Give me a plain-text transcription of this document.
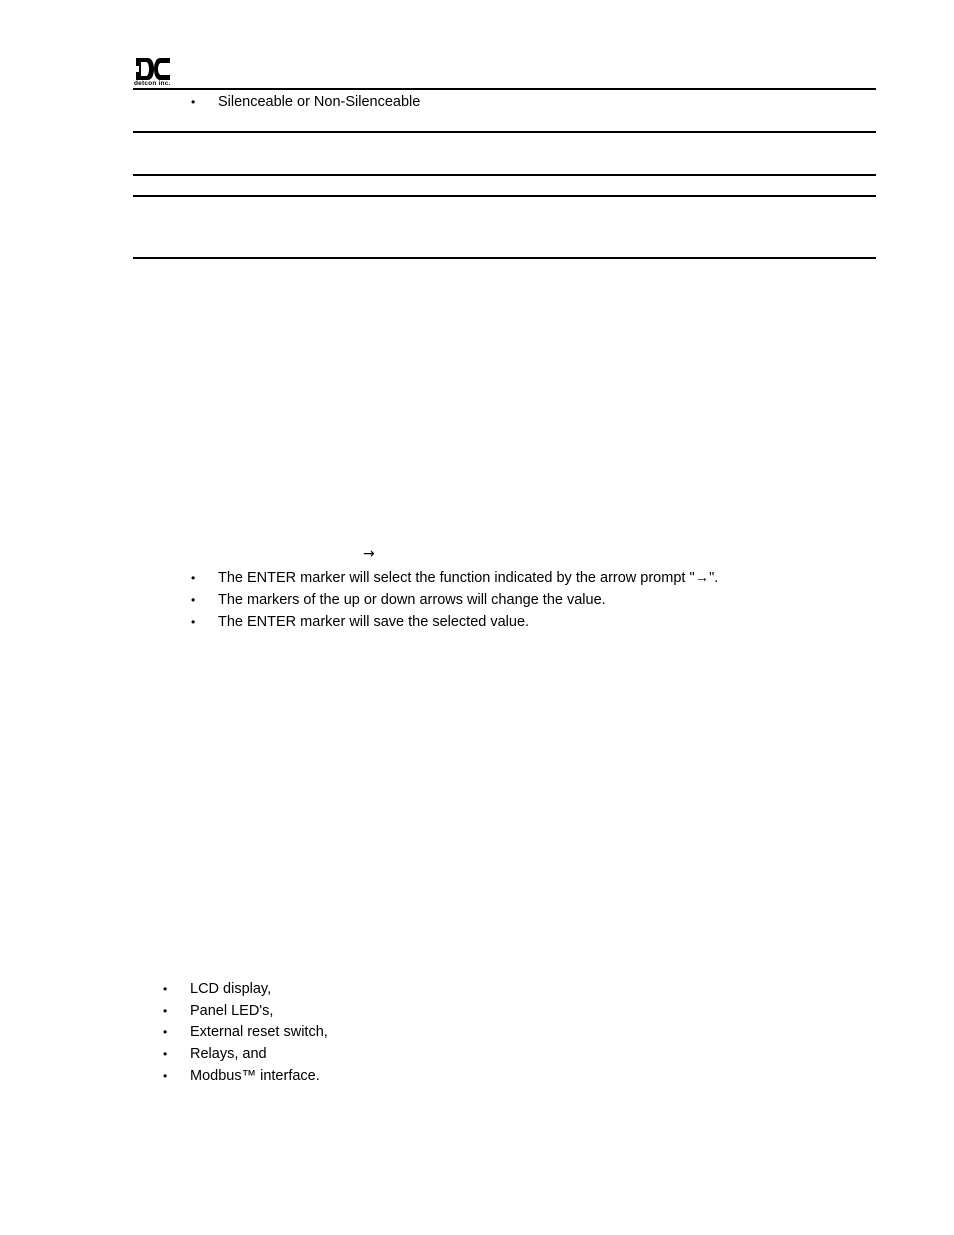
detcon inc.
• Silenceable or Non-Silenceable
→
• The ENTER marker will select the function indicated by the arrow prompt "→".
• The markers of the up or down arrows will change the value.
• The ENTER marker will save the selected value.
• LCD display,
• Panel LED's,
• External reset switch,
• Relays, and
• Modbus™ interface.
